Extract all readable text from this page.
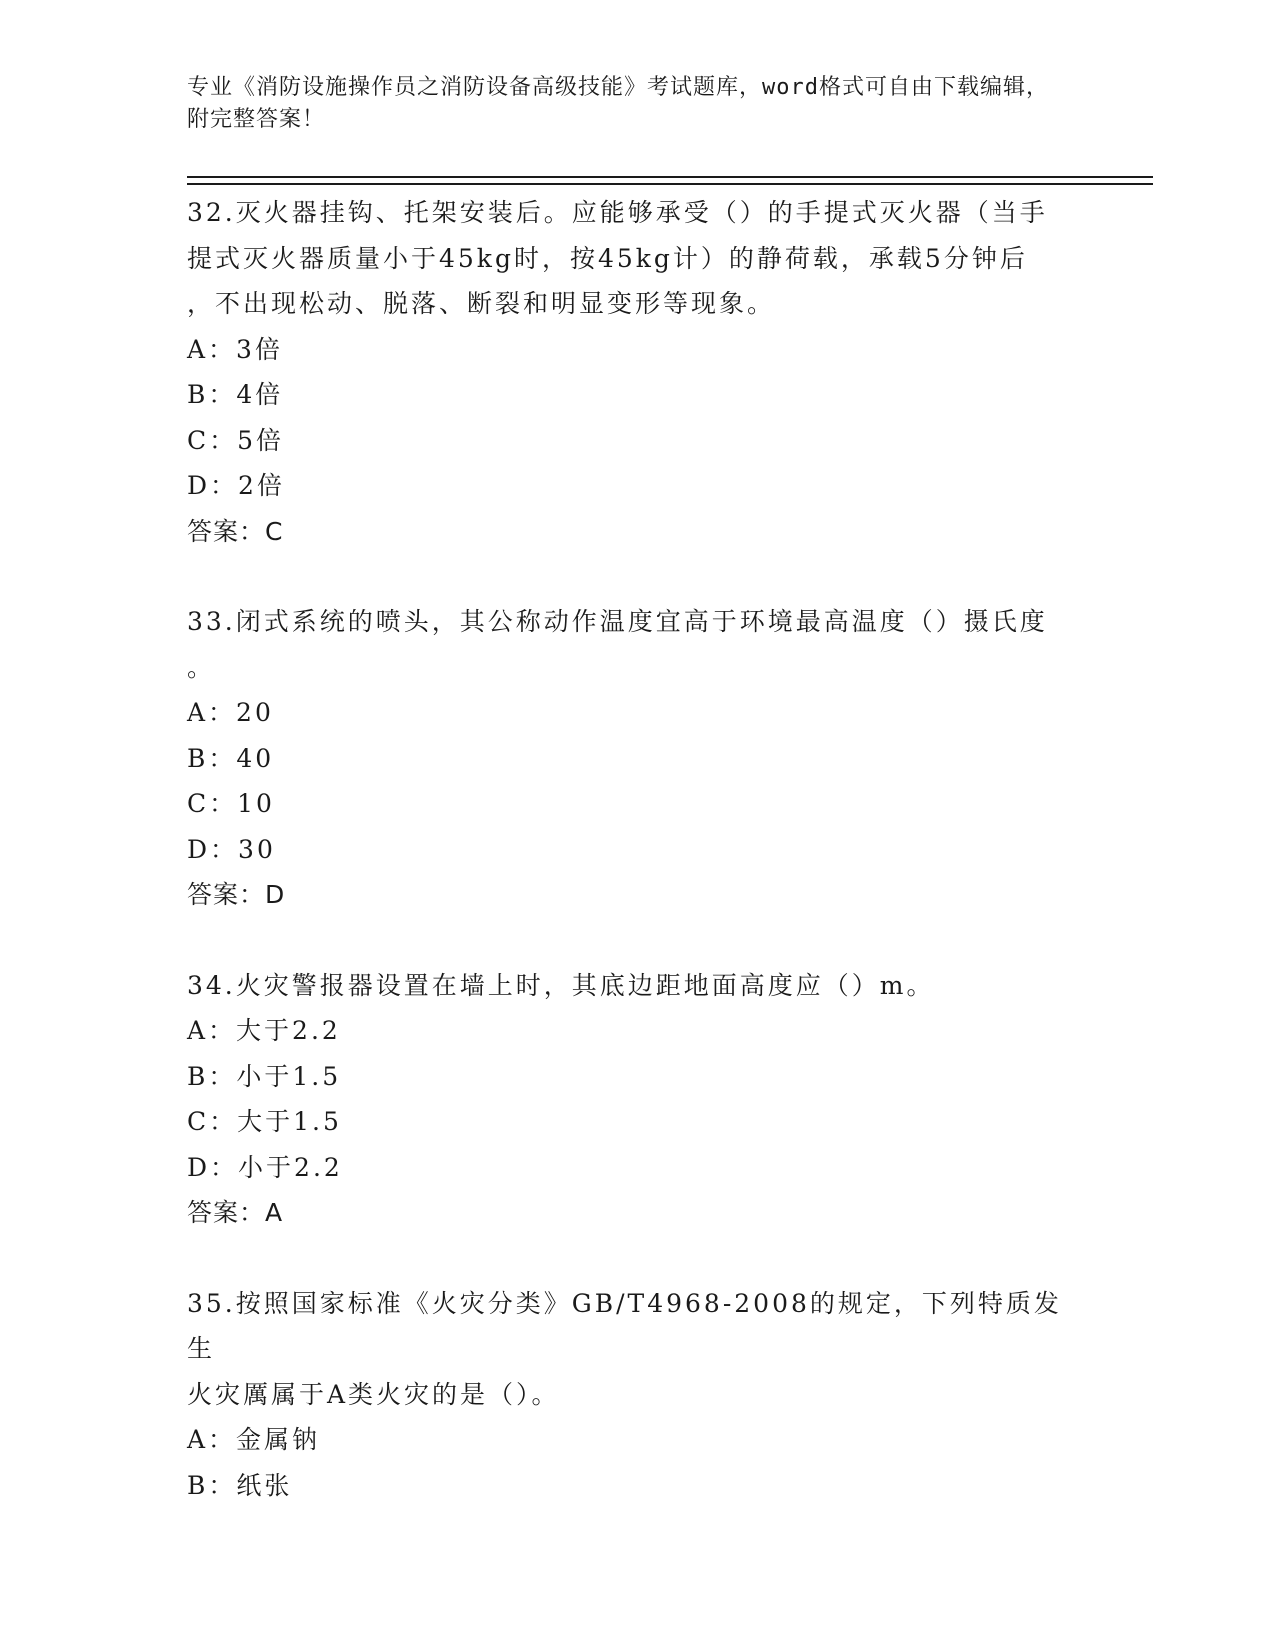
专业《消防设施操作员之消防设备高级技能》考试题库，word格式可自由下载编辑，附完整答案！
32.灭火器挂钩、托架安装后。应能够承受（）的手提式灭火器（当手
提式灭火器质量小于45kg时，按45kg计）的静荷载，承载5分钟后
，不出现松动、脱落、断裂和明显变形等现象。
A：3倍
B：4倍
C：5倍
D：2倍
答案：C
33.闭式系统的喷头，其公称动作温度宜高于环境最高温度（）摄氏度
。
A：20
B：40
C：10
D：30
答案：D
34.火灾警报器设置在墙上时，其底边距地面高度应（）m。
A：大于2.2
B：小于1.5
C：大于1.5
D：小于2.2
答案：A
35.按照国家标准《火灾分类》GB/T4968-2008的规定，下列特质发生
火灾厲属于A类火灾的是（）。
A：金属钠
B：纸张
